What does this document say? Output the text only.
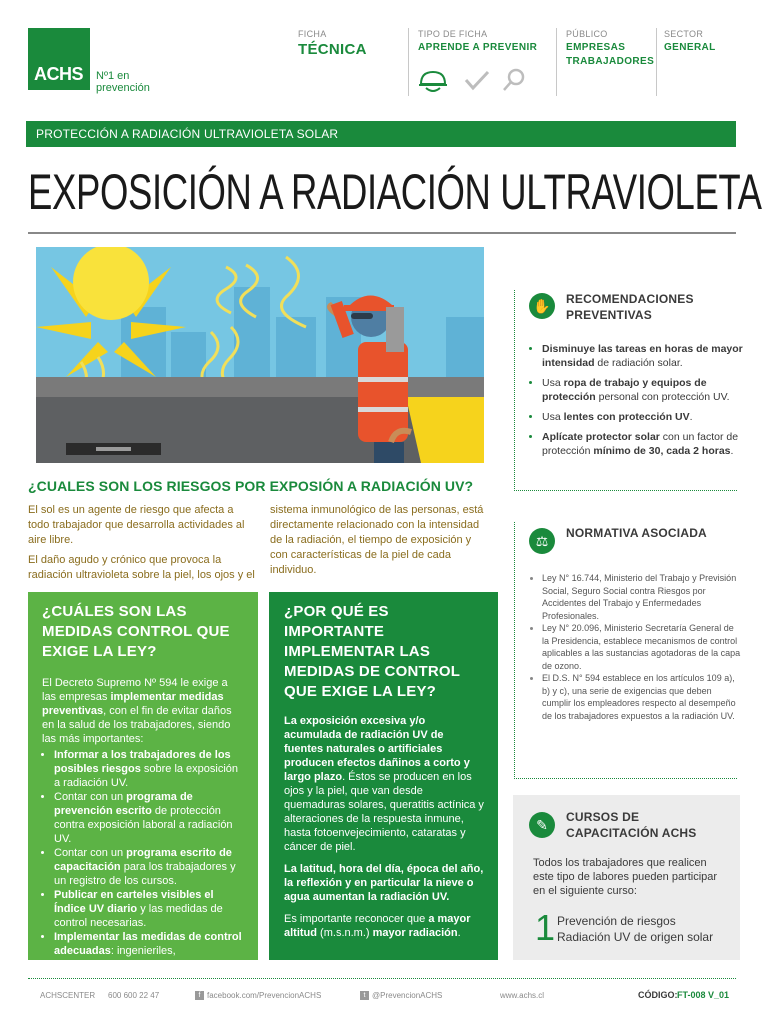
ACHS Nº1 en prevención
FICHA
TÉCNICA
TIPO DE FICHA
APRENDE A PREVENIR
PÚBLICO
EMPRESAS
TRABAJADORES
SECTOR
GENERAL
PROTECCIÓN A RADIACIÓN ULTRAVIOLETA SOLAR
EXPOSICIÓN A RADIACIÓN ULTRAVIOLETA
¿CUALES SON LOS RIESGOS POR EXPOSIÓN A RADIACIÓN UV?
El sol es un agente de riesgo que afecta a todo trabajador que desarrolla actividades al aire libre.
El daño agudo y crónico que provoca la radiación ultravioleta sobre la piel, los ojos y el
sistema inmunológico de las personas, está directamente relacionado con la intensidad de la radiación, el tiempo de exposición y con características de la piel de cada individuo.
¿CUÁLES SON LAS MEDIDAS CONTROL QUE EXIGE LA LEY?

El Decreto Supremo Nº 594 le exige a las empresas implementar medidas preventivas, con el fin de evitar daños en la salud de los trabajadores, siendo las más importantes:

• Informar a los trabajadores de los posibles riesgos sobre la exposición a radiación UV.
• Contar con un programa de prevención escrito de protección contra exposición laboral a radiación UV.
• Contar con un programa escrito de capacitación para los trabajadores y un registro de los cursos.
• Publicar en carteles visibles el Índice UV diario y las medidas de control necesarias.
• Implementar las medidas de control adecuadas: ingenieriles, administrativas y de protección personal.
¿POR QUÉ ES IMPORTANTE IMPLEMENTAR LAS MEDIDAS DE CONTROL QUE EXIGE LA LEY?

La exposición excesiva y/o acumulada de radiación UV de fuentes naturales o artificiales producen efectos dañinos a corto y largo plazo. Éstos se producen en los ojos y la piel, que van desde quemaduras solares, queratitis actínica y alteraciones de la respuesta inmune, hasta fotoenvejecimiento, cataratas y cáncer de piel.

La latitud, hora del día, época del año, la reflexión y en particular la nieve o agua aumentan la radiación UV.

Es importante reconocer que a mayor altitud (m.s.n.m.) mayor radiación.

✋	RECOMENDACIONES PREVENTIVAS
• Disminuye las tareas en horas de mayor intensidad de radiación solar.
• Usa ropa de trabajo y equipos de protección personal con protección UV.
• Usa lentes con protección UV.
• Aplícate protector solar con un factor de protección mínimo de 30, cada 2 horas.
⚖	NORMATIVA ASOCIADA
• Ley N° 16.744, Ministerio del Trabajo y Previsión Social, Seguro Social contra Riesgos por Accidentes del Trabajo y Enfermedades Profesionales.
• Ley N° 20.096, Ministerio Secretaría General de la Presidencia, establece mecanismos de control aplicables a las sustancias agotadoras de la capa de ozono.
• El D.S. N° 594 establece en los artículos 109 a), b) y c), una serie de exigencias que deben cumplir los empleadores respecto al desempeño de los trabajadores expuestos a la radiación UV.
✎	CURSOS DE CAPACITACIÓN ACHS
Todos los trabajadores que realicen este tipo de labores pueden participar en el siguiente curso:
1 Prevención de riesgos Radiación UV de origen solar
ACHSCENTER 600 600 22 47	f facebook.com/PrevencionACHS	t @PrevencionACHS	www.achs.cl	CÓDIGO: FT-008 V_01
